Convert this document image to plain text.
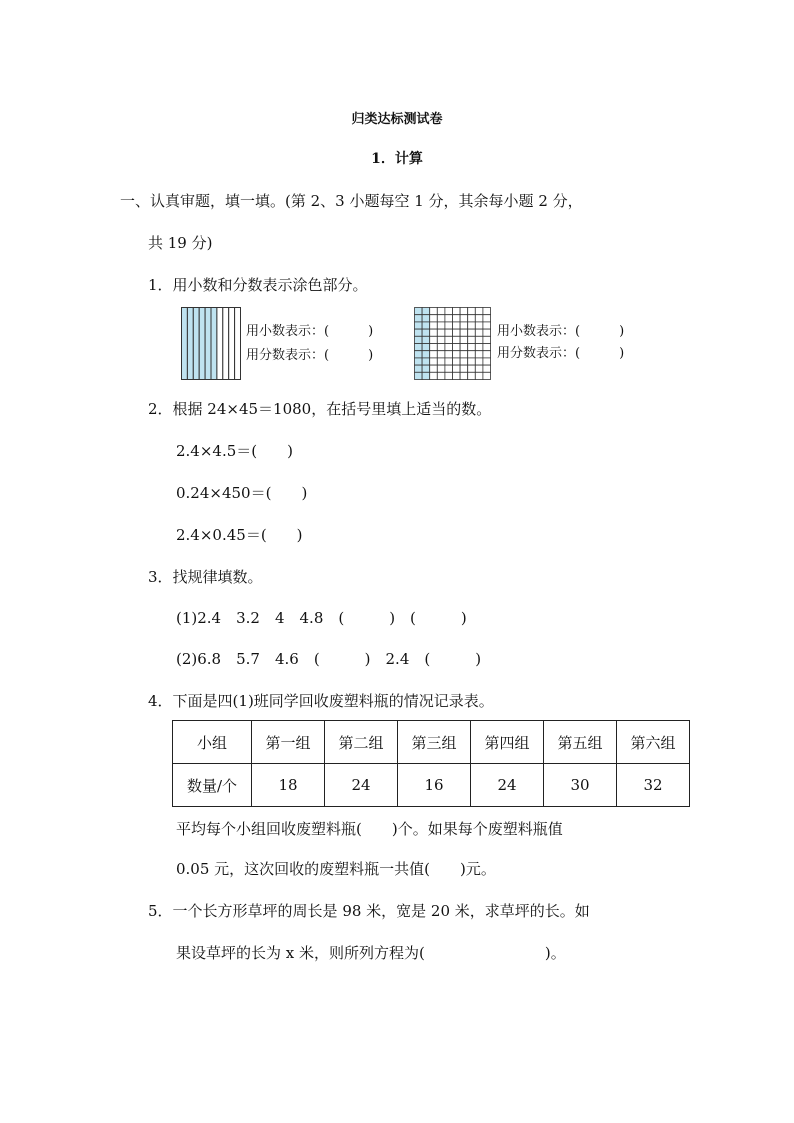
归类达标测试卷
1．计算
一、认真审题，填一填。(第 2、3 小题每空 1 分，其余每小题 2 分，
共 19 分)
1．用小数和分数表示涂色部分。
用小数表示：(　　　)
用分数表示：(　　　)
用小数表示：(　　　)
用分数表示：(　　　)
2．根据 24×45＝1080，在括号里填上适当的数。
2.4×4.5＝(　　)
0.24×450＝(　　)
2.4×0.45＝(　　)
3．找规律填数。
(1)2.4　3.2　4　4.8　(　　　)　(　　　)
(2)6.8　5.7　4.6　(　　　)　2.4　(　　　)
4．下面是四(1)班同学回收废塑料瓶的情况记录表。
小组	第一组	第二组	第三组	第四组	第五组	第六组
数量/个	18	24	16	24	30	32
平均每个小组回收废塑料瓶(　　)个。如果每个废塑料瓶值
0.05 元，这次回收的废塑料瓶一共值(　　)元。
5．一个长方形草坪的周长是 98 米，宽是 20 米，求草坪的长。如
果设草坪的长为 x 米，则所列方程为(　　　　　　　　)。
